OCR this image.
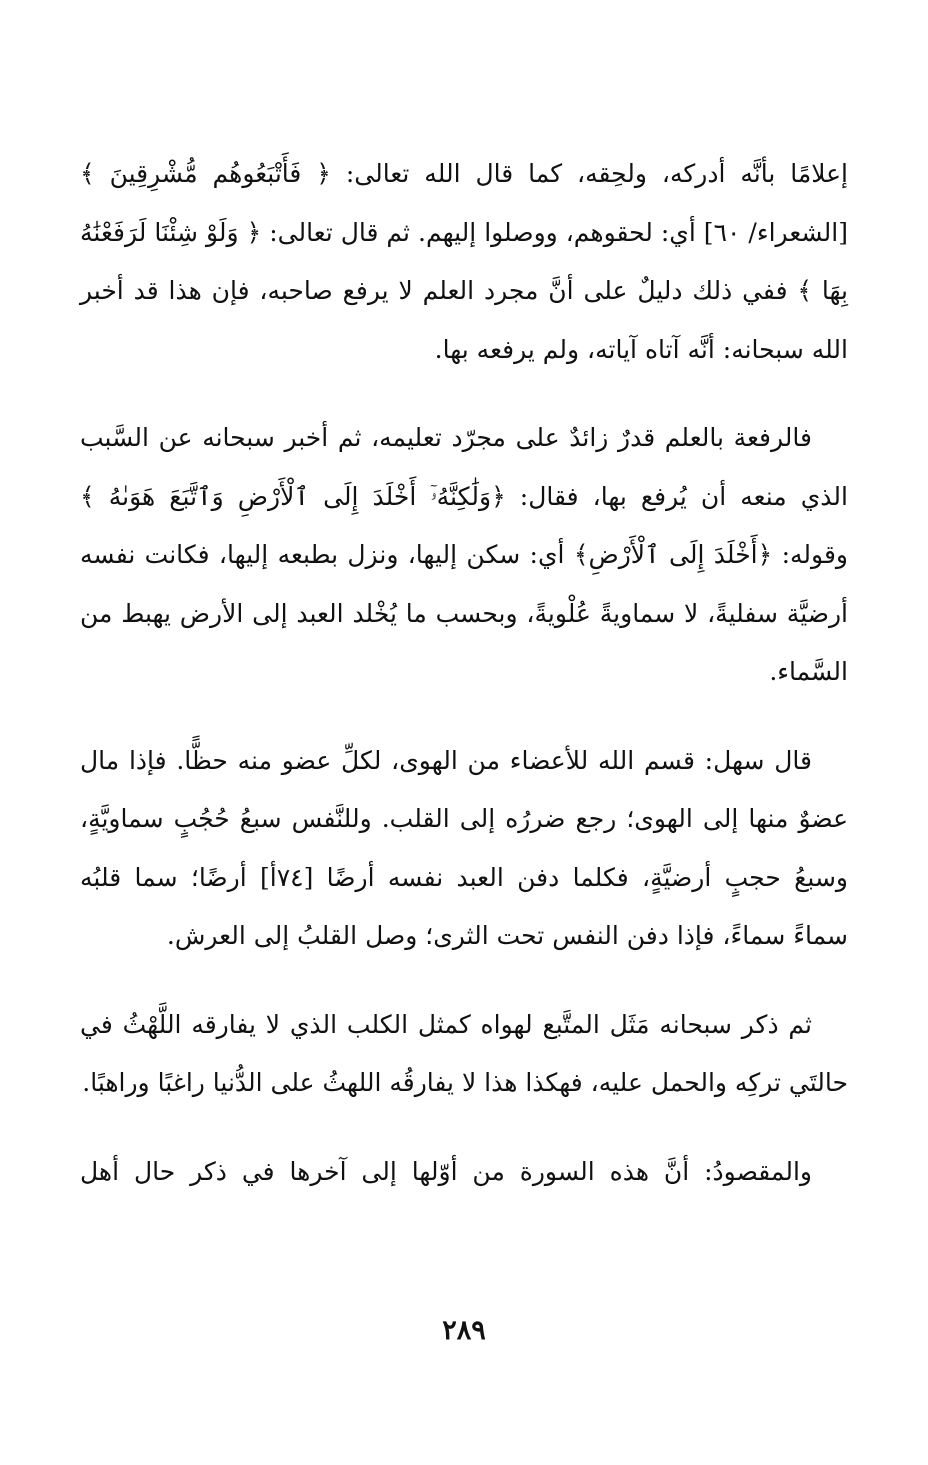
إعلامًا بأنَّه أدركه، ولحِقه، كما قال الله تعالى: ﴿ فَأَتْبَعُوهُم مُّشْرِقِينَ ﴾ [الشعراء/ ٦٠] أي: لحقوهم، ووصلوا إليهم. ثم قال تعالى: ﴿ وَلَوْ شِئْنَا لَرَفَعْنَٰهُ بِهَا ﴾ ففي ذلك دليلٌ على أنَّ مجرد العلم لا يرفع صاحبه، فإن هذا قد أخبر الله سبحانه: أنَّه آتاه آياته، ولم يرفعه بها.

فالرفعة بالعلم قدرٌ زائدٌ على مجرّد تعليمه، ثم أخبر سبحانه عن السَّبب الذي منعه أن يُرفع بها، فقال: ﴿وَلَٰكِنَّهُۥٓ أَخْلَدَ إِلَى ٱلْأَرْضِ وَٱتَّبَعَ هَوَىٰهُ ﴾ وقوله: ﴿أَخْلَدَ إِلَى ٱلْأَرْضِ﴾ أي: سكن إليها، ونزل بطبعه إليها، فكانت نفسه أرضيَّة سفليةً، لا سماويةً عُلْويةً، وبحسب ما يُخْلد العبد إلى الأرض يهبط من السَّماء.

قال سهل: قسم الله للأعضاء من الهوى، لكلِّ عضو منه حظًّا. فإذا مال عضوٌ منها إلى الهوى؛ رجع ضررُه إلى القلب. وللنَّفس سبعُ حُجُبٍ سماويَّةٍ، وسبعُ حجبٍ أرضيَّةٍ، فكلما دفن العبد نفسه أرضًا [٧٤أ] أرضًا؛ سما قلبُه سماءً سماءً، فإذا دفن النفس تحت الثرى؛ وصل القلبُ إلى العرش.

ثم ذكر سبحانه مَثَل المتَّبع لهواه كمثل الكلب الذي لا يفارقه اللَّهْثُ في حالتَي تركِه والحمل عليه، فهكذا هذا لا يفارقُه اللهثُ على الدُّنيا راغبًا وراهبًا.

والمقصودُ: أنَّ هذه السورة من أوّلها إلى آخرها في ذكر حال أهل

٢٨٩
